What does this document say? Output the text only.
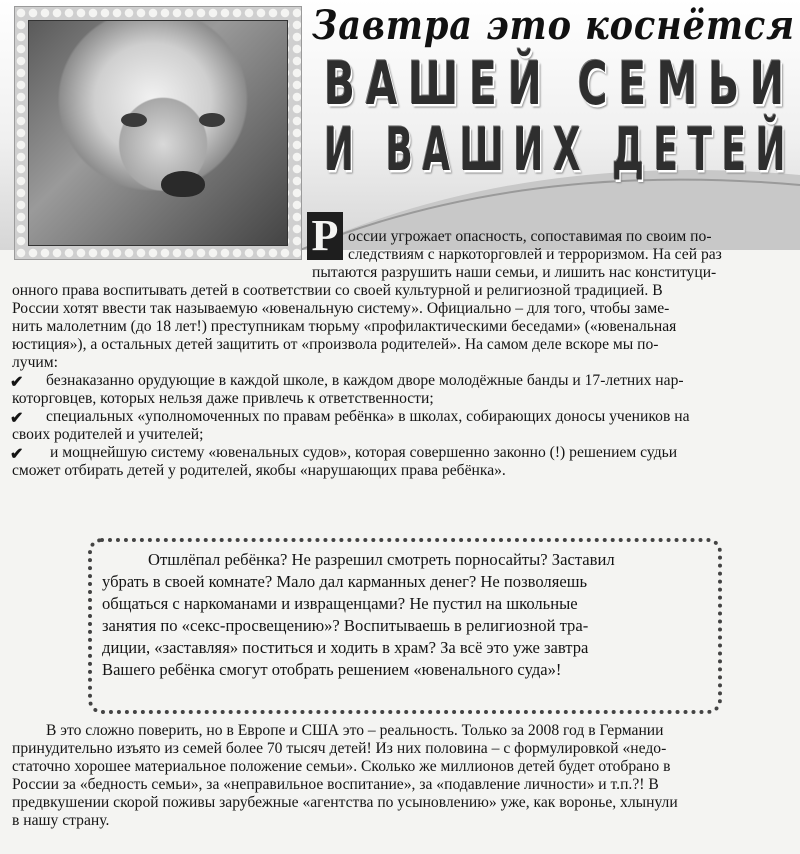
Завтра это коснётся
ВАШЕЙ СЕМЬИ
И ВАШИХ ДЕТЕЙ
Р оссии угрожает опасность, сопоставимая по своим по-
следствиям с наркоторговлей и терроризмом. На сей раз
пытаются разрушить наши семьи, и лишить нас конституци-
онного права воспитывать детей в соответствии со своей культурной и религиозной традицией. В
России хотят ввести так называемую «ювенальную систему». Официально – для того, чтобы заме-
нить малолетним (до 18 лет!) преступникам тюрьму «профилактическими беседами» («ювенальная
юстиция»), а остальных детей защитить от «произвола родителей». На самом деле вскоре мы по-
лучим:
✔ безнаказанно орудующие в каждой школе, в каждом дворе молодёжные банды и 17-летних нар-
которговцев, которых нельзя даже привлечь к ответственности;
✔ специальных «уполномоченных по правам ребёнка» в школах, собирающих доносы учеников на
своих родителей и учителей;
✔ и мощнейшую систему «ювенальных судов», которая совершенно законно (!) решением судьи
сможет отбирать детей у родителей, якобы «нарушающих права ребёнка».
Отшлёпал ребёнка? Не разрешил смотреть порносайты? Заставил
убрать в своей комнате? Мало дал карманных денег? Не позволяешь
общаться с наркоманами и извращенцами? Не пустил на школьные
занятия по «секс-просвещению»? Воспитываешь в религиозной тра-
диции, «заставляя» поститься и ходить в храм? За всё это уже завтра
Вашего ребёнка смогут отобрать решением «ювенального суда»!
В это сложно поверить, но в Европе и США это – реальность. Только за 2008 год в Германии
принудительно изъято из семей более 70 тысяч детей! Из них половина – с формулировкой «недо-
статочно хорошее материальное положение семьи». Сколько же миллионов детей будет отобрано в
России за «бедность семьи», за «неправильное воспитание», за «подавление личности» и т.п.?! В
предвкушении скорой поживы зарубежные «агентства по усыновлению» уже, как воронье, хлынули
в нашу страну.
